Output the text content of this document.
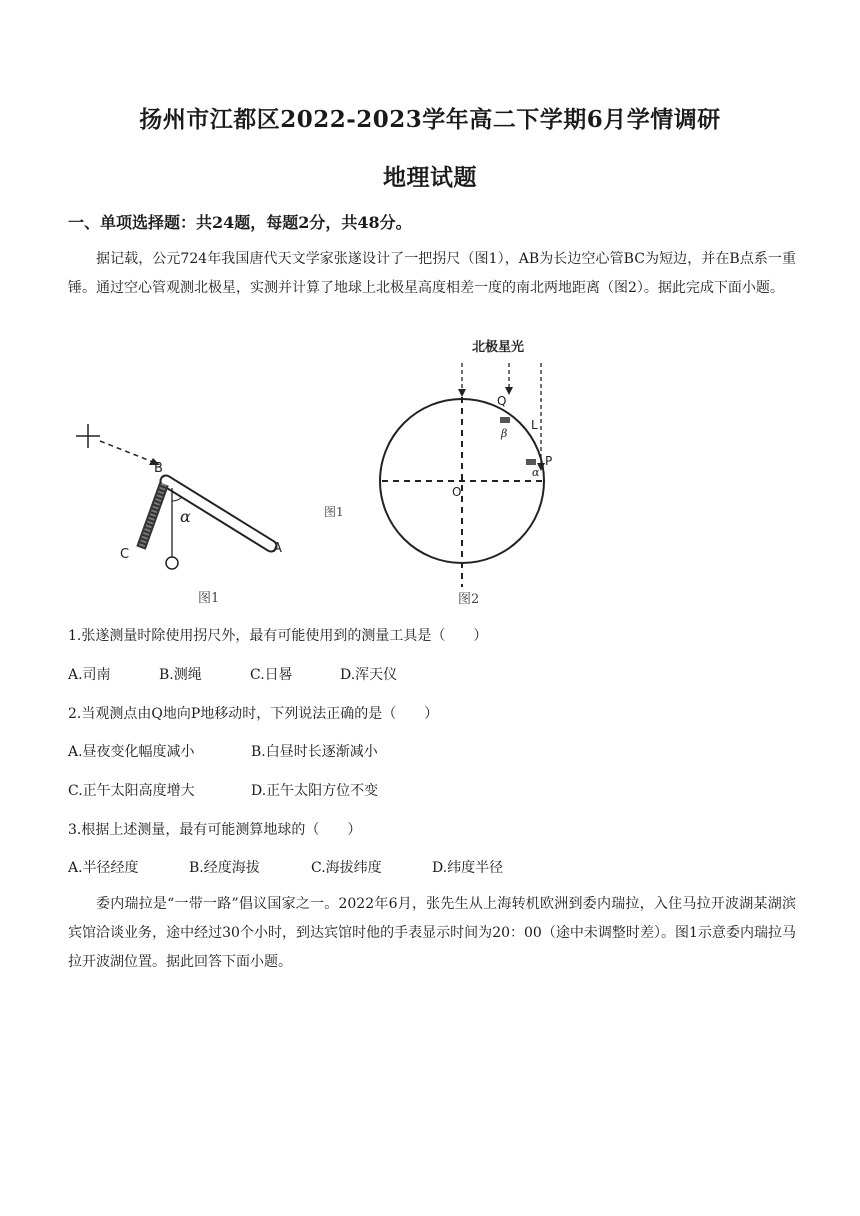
扬州市江都区2022-2023学年高二下学期6月学情调研
地理试题
一、单项选择题：共24题，每题2分，共48分。
据记载，公元724年我国唐代天文学家张遂设计了一把拐尺（图1），AB为长边空心管BC为短边，并在B点系一重锤。通过空心管观测北极星，实测并计算了地球上北极星高度相差一度的南北两地距离（图2）。据此完成下面小题。
B
C	A
α
图1
图1
北极星光
Q
L
P
O
β
α
图2
1.张遂测量时除使用拐尺外，最有可能使用到的测量工具是（　　）
A.司南	B.测绳	C.日晷	D.浑天仪
2.当观测点由Q地向P地移动时，下列说法正确的是（　　）
A.昼夜变化幅度减小	B.白昼时长逐渐减小
C.正午太阳高度增大	D.正午太阳方位不变
3.根据上述测量，最有可能测算地球的（　　）
A.半径经度	B.经度海拔	C.海拔纬度	D.纬度半径
委内瑞拉是“一带一路”倡议国家之一。2022年6月，张先生从上海转机欧洲到委内瑞拉，入住马拉开波湖某湖滨宾馆洽谈业务，途中经过30个小时，到达宾馆时他的手表显示时间为20：00（途中未调整时差）。图1示意委内瑞拉马拉开波湖位置。据此回答下面小题。
